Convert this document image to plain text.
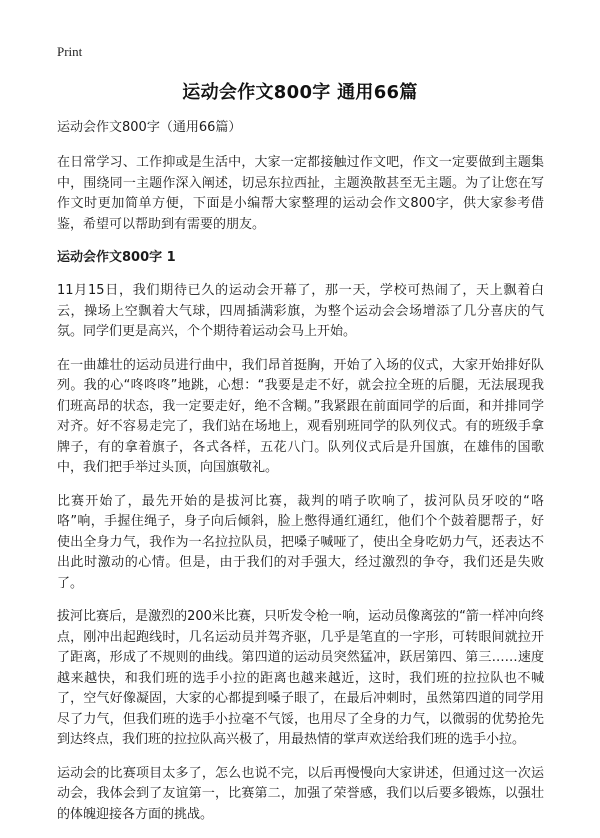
Print
运动会作文800字 通用66篇

运动会作文800字（通用66篇）

在日常学习、工作抑或是生活中，大家一定都接触过作文吧，作文一定要做到主题集中，围绕同一主题作深入阐述，切忌东拉西扯，主题涣散甚至无主题。为了让您在写作文时更加简单方便，下面是小编帮大家整理的运动会作文800字，供大家参考借鉴，希望可以帮助到有需要的朋友。

运动会作文800字 1

11月15日，我们期待已久的运动会开幕了，那一天，学校可热闹了，天上飘着白云，操场上空飘着大气球，四周插满彩旗，为整个运动会会场增添了几分喜庆的气氛。同学们更是高兴，个个期待着运动会马上开始。

在一曲雄壮的运动员进行曲中，我们昂首挺胸，开始了入场的仪式，大家开始排好队列。我的心“咚咚咚”地跳，心想：“我要是走不好，就会拉全班的后腿，无法展现我们班高昂的状态，我一定要走好，绝不含糊。”我紧跟在前面同学的后面，和并排同学对齐。好不容易走完了，我们站在场地上，观看别班同学的队列仪式。有的班级手拿牌子，有的拿着旗子，各式各样，五花八门。队列仪式后是升国旗，在雄伟的国歌中，我们把手举过头顶，向国旗敬礼。

比赛开始了，最先开始的是拔河比赛，裁判的哨子吹响了，拔河队员牙咬的“咯咯”响，手握住绳子，身子向后倾斜，脸上憋得通红通红，他们个个鼓着腮帮子，好使出全身力气，我作为一名拉拉队员，把嗓子喊哑了，使出全身吃奶力气，还表达不出此时激动的心情。但是，由于我们的对手强大，经过激烈的争夺，我们还是失败了。

拔河比赛后，是激烈的200米比赛，只听发令枪一响，运动员像离弦的“箭一样冲向终点，刚冲出起跑线时，几名运动员并驾齐驱，几乎是笔直的一字形，可转眼间就拉开了距离，形成了不规则的曲线。第四道的运动员突然猛冲，跃居第四、第三……速度越来越快，和我们班的选手小拉的距离也越来越近，这时，我们班的拉拉队也不喊了，空气好像凝固，大家的心都提到嗓子眼了，在最后冲刺时，虽然第四道的同学用尽了力气，但我们班的选手小拉毫不气馁，也用尽了全身的力气，以微弱的优势抢先到达终点，我们班的拉拉队高兴极了，用最热情的掌声欢送给我们班的选手小拉。

运动会的比赛项目太多了，怎么也说不完，以后再慢慢向大家讲述，但通过这一次运动会，我体会到了友谊第一，比赛第二，加强了荣誉感，我们以后要多锻炼，以强壮的体魄迎接各方面的挑战。
